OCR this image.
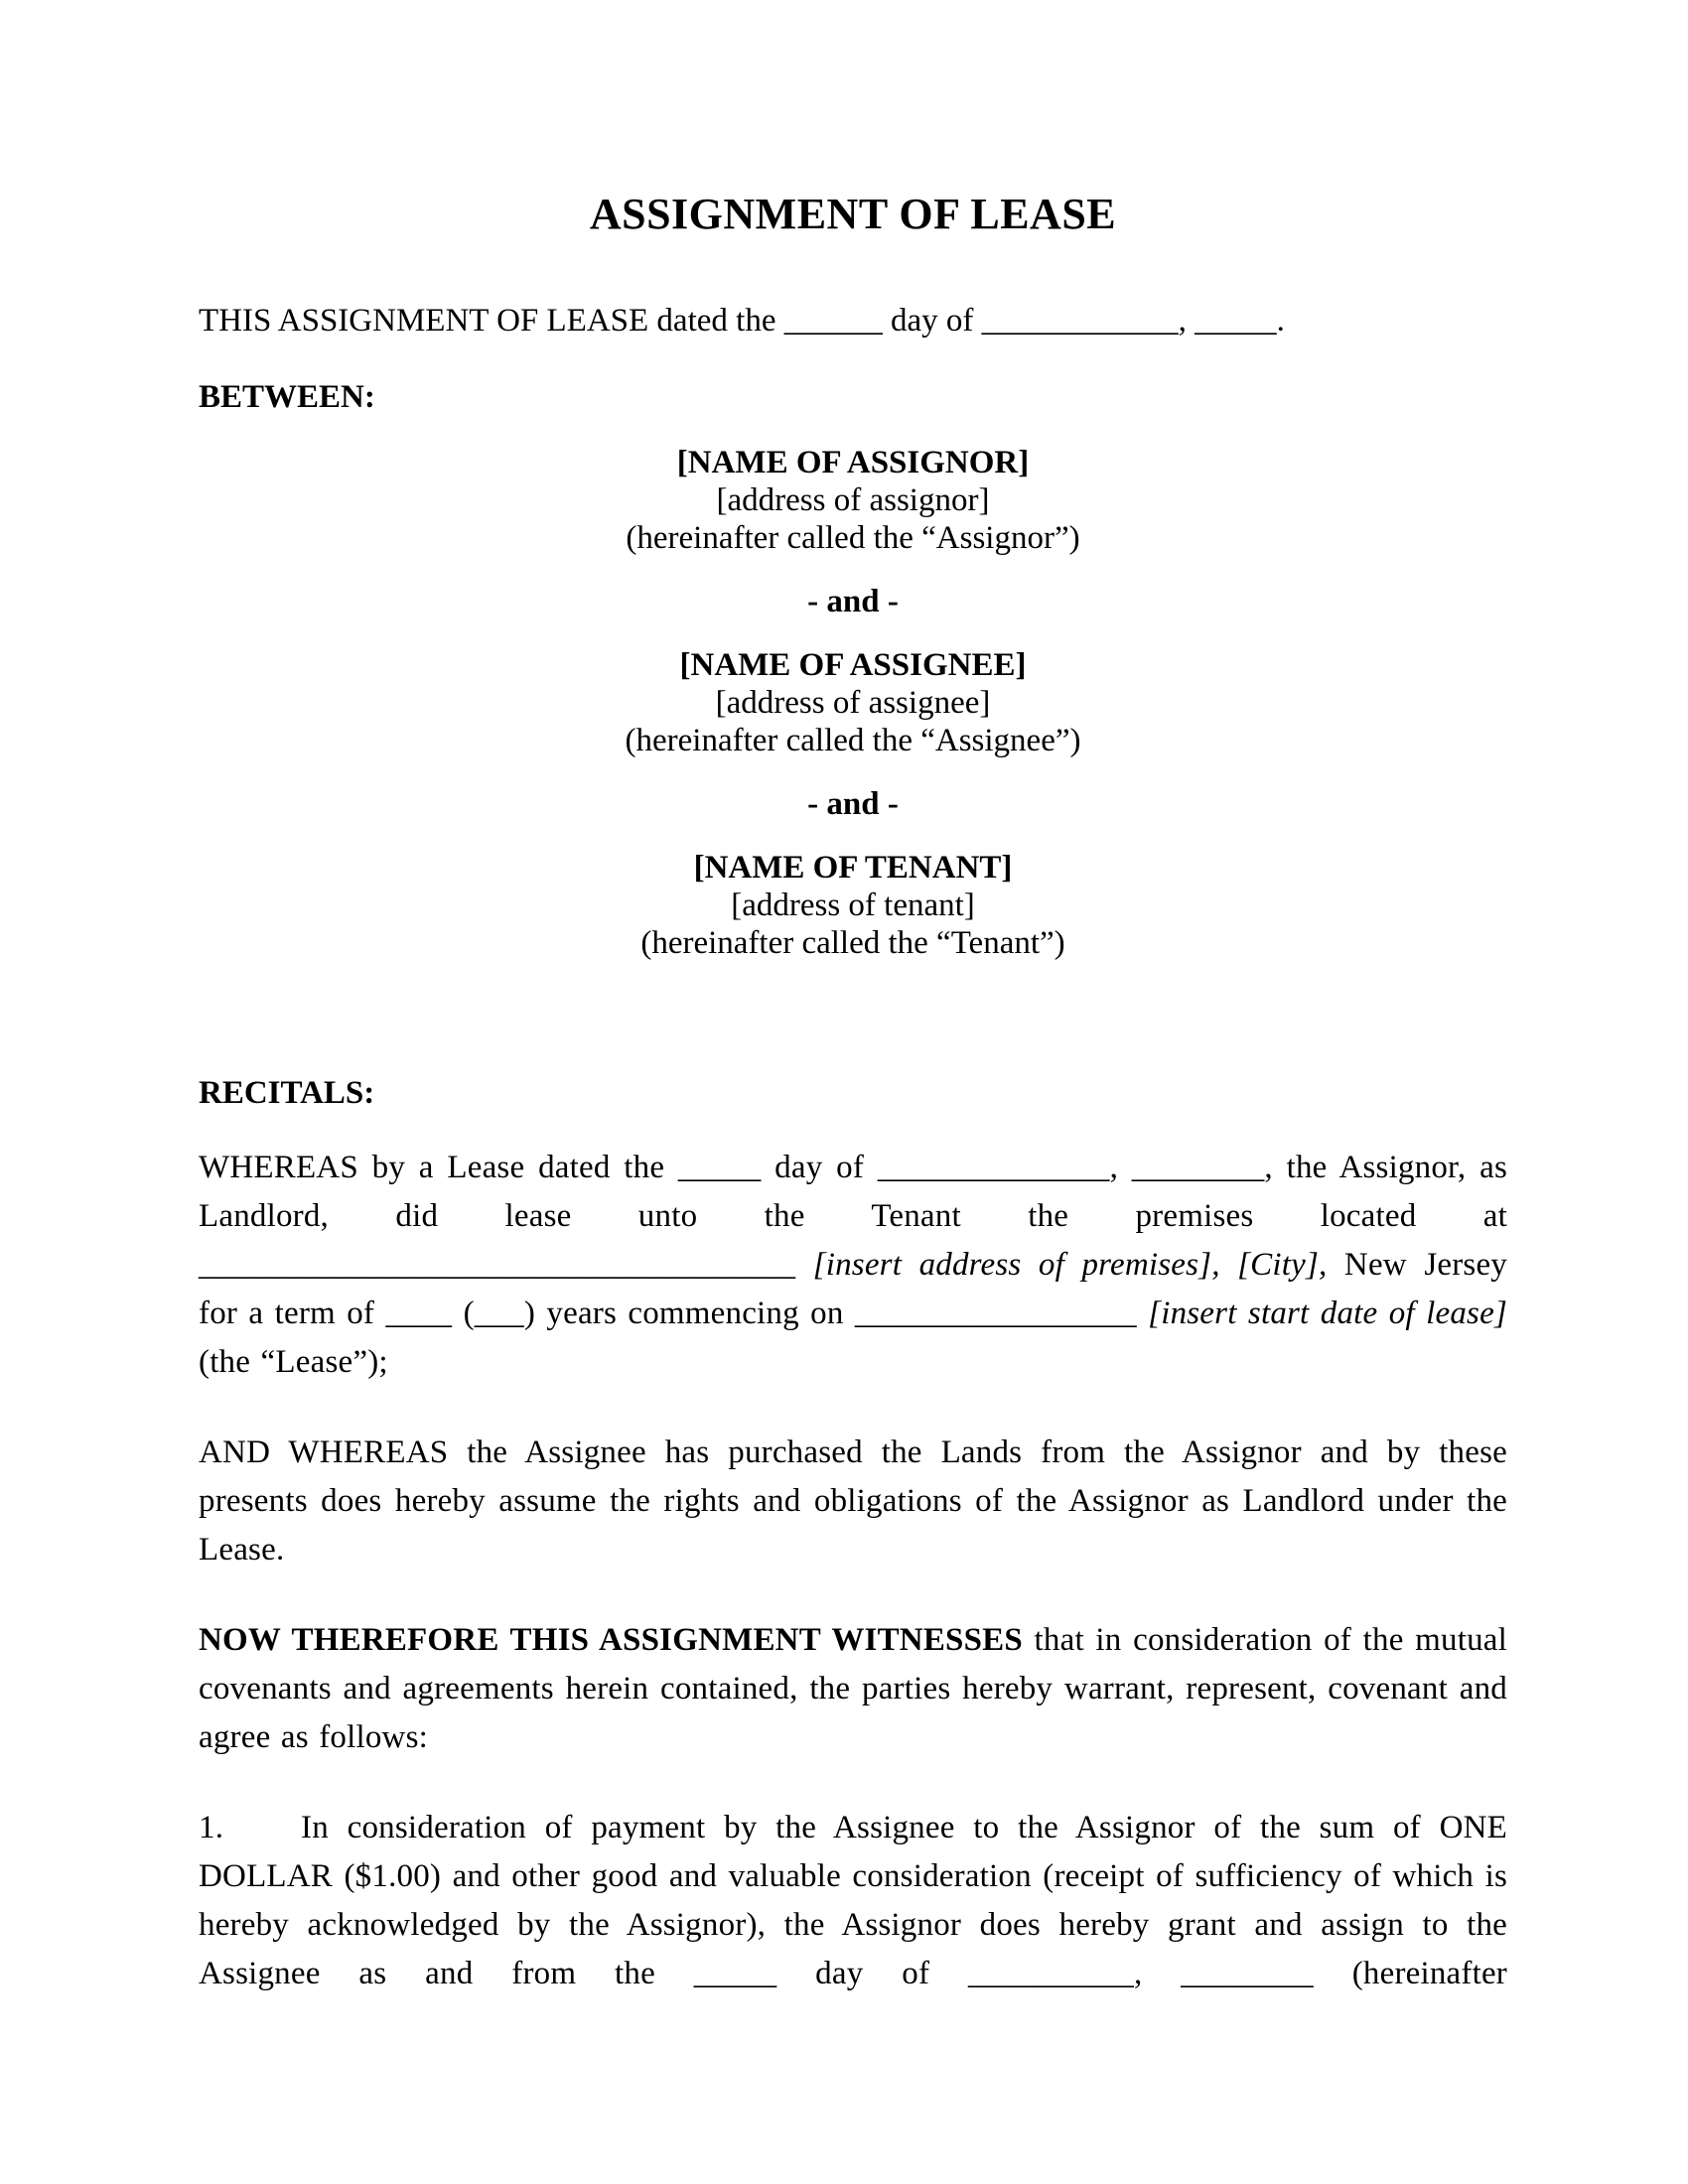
ASSIGNMENT OF LEASE

THIS ASSIGNMENT OF LEASE dated the ______ day of ____________, _____.

BETWEEN:

[NAME OF ASSIGNOR]
[address of assignor]
(hereinafter called the “Assignor”)
- and -
[NAME OF ASSIGNEE]
[address of assignee]
(hereinafter called the “Assignee”)
- and -
[NAME OF TENANT]
[address of tenant]
(hereinafter called the “Tenant”)

RECITALS:

WHEREAS by a Lease dated the _____ day of ______________, ________, the Assignor, as Landlord, did lease unto the Tenant the premises located at ____________________________________ [insert address of premises], [City], New Jersey for a term of ____ (___) years commencing on _________________ [insert start date of lease] (the “Lease”);

AND WHEREAS the Assignee has purchased the Lands from the Assignor and by these presents does hereby assume the rights and obligations of the Assignor as Landlord under the Lease.

NOW THEREFORE THIS ASSIGNMENT WITNESSES that in consideration of the mutual covenants and agreements herein contained, the parties hereby warrant, represent, covenant and agree as follows:

1. In consideration of payment by the Assignee to the Assignor of the sum of ONE DOLLAR ($1.00) and other good and valuable consideration (receipt of sufficiency of which is hereby acknowledged by the Assignor), the Assignor does hereby grant and assign to the Assignee as and from the _____ day of __________, ________ (hereinafter
